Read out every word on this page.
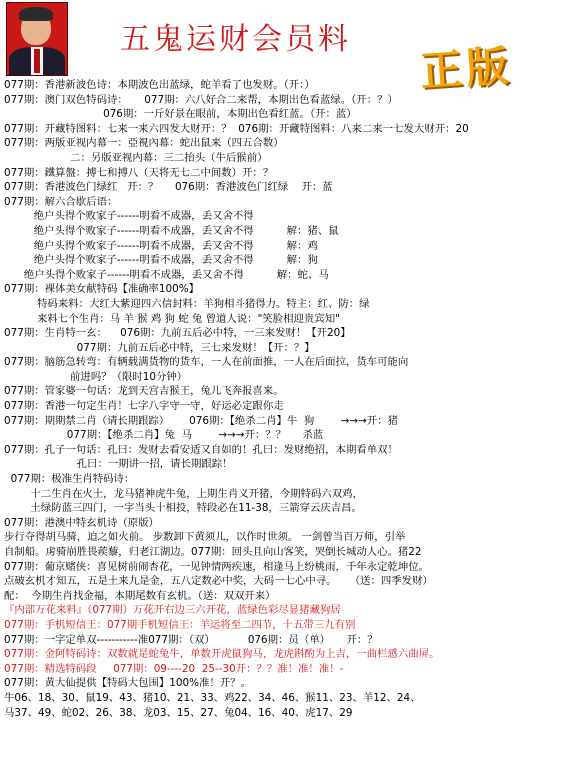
五鬼运财会员料
正版
077期：香港新波色诗：本期波色出蓝绿，蛇羊看了也发财。（开：）
077期：澳门双色特码诗：     077期：六八好合二来帮，本期出色看蓝绿。（开：？）
076期：一斤好景在眼前，本期出色看红蓝。（开：蓝）
077期：开藏特图料：七来一来六四发大财开：？  076期：开藏特图料：八来二来一七发大财开：20
077期：两版亚视内幕一：亞視內幕：蛇出鼠来（四五合数）
二：另版亚视内幕：三二抬头（牛后猴前）
077期：鐵算盤：搏七和搏八（天将无七二中间数）开：？
077期：香港波色门绿红   开：？     076期：香港波色门红绿    开：蓝
077期：解六合歇后语：
绝户头得个败家子------明看不成器，丢又舍不得
绝户头得个败家子------明看不成器，丢又舍不得          解：猪、鼠
绝户头得个败家子------明看不成器，丢又舍不得          解：鸡
绝户头得个败家子------明看不成器，丢又舍不得          解：狗
绝户头得个败家子------明看不成器，丢又舍不得          解：蛇、马
077期：裸体美女献特码【准确率100%】
特码来料：大红大紫迎四六信封料：羊狗相斗猪得力。特主：红、防：绿
来料七个生肖：马 羊 猴 鸡 狗 蛇 兔 曾道人说："笑脸相迎贵宾知"
077期：生肖特一玄：    076期：九前五后必中特，一三来发财！【开20】
077期：九前五后必中特，三七来发财！【开：？】
077期：脑筋急转弯：有辆载满货物的货车，一人在前面推，一人在后面拉，货车可能向
前进吗？（限时10分钟）
077期：管家婆一句话：龙到天宫吉猴王，兔儿飞奔报喜来。
077期：香港一句定生肖！七字八字守一守，好运必定跟你走
077期：期期禁二肖（请长期跟踪）      076期：【绝杀二肖】牛  狗        →→→开：猪
077期：【绝杀二肖】兔  马        →→→开：？？     杀蓝
077期：孔子一句话：孔曰：发财去看安适又自如的！孔曰：发财绝招，本期看单双！
孔曰：一期讲一招，请长期跟踪！
077期：极准生肖特码诗：
十二生肖在火土，龙马猪神虎牛兔，上期生肖义开猪，今期特码六双鸡，
土绿防蓝三四门，一字当头十相投，特段必在11-38，三箭穿云庆吉昌。
077期：港澳中特玄机诗（原版）
步行夺得胡马骑，迫之如火前。 步数卸下黄须儿，以作时世须。 一剑曾当百万师，引举
自制船。虏骑崩胜畏蒺藜，归老江湖边。077期：回头且向山客笑，哭倒长城动人心。猪22
077期：葡京赌侠：喜见树前闹杏花，一见钟情两疾速，相逢马上纷桃雨，千年永定乾坤位。
点破玄机才知五，五是土来九是金，五八定数必中奖，大码一七心中寻。    （送：四季发财）
配：  今期生肖找金福，本期尾数有玄机。（送：双双开来）
『内部万花来料』（077期）万花开右边三六开花，蓝绿色彩尽显猪藏狗居
077期：手机短信王：077期手机短信王：羊运将至二四节，十五带三九有别
077期：一字定单双-----------准077期：（双）          076期：员（单）     开：？
077期：金阿特码诗：双数就是蛇兔牛，单数开虎鼠狗马，龙虎斟酌为上吉，一曲栏感六曲屏。
077期：精选特码段     077期：09----20  25--30开：？？准！准！准！-
077期：黄大仙提供【特码大包围】100%准！开？。
牛06、18、30、鼠19、43、猪10、21、33、鸡22、34、46、猴11、23、羊12、24、
马37、49、蛇02、26、38、龙03、15、27、兔04、16、40、虎17、29
